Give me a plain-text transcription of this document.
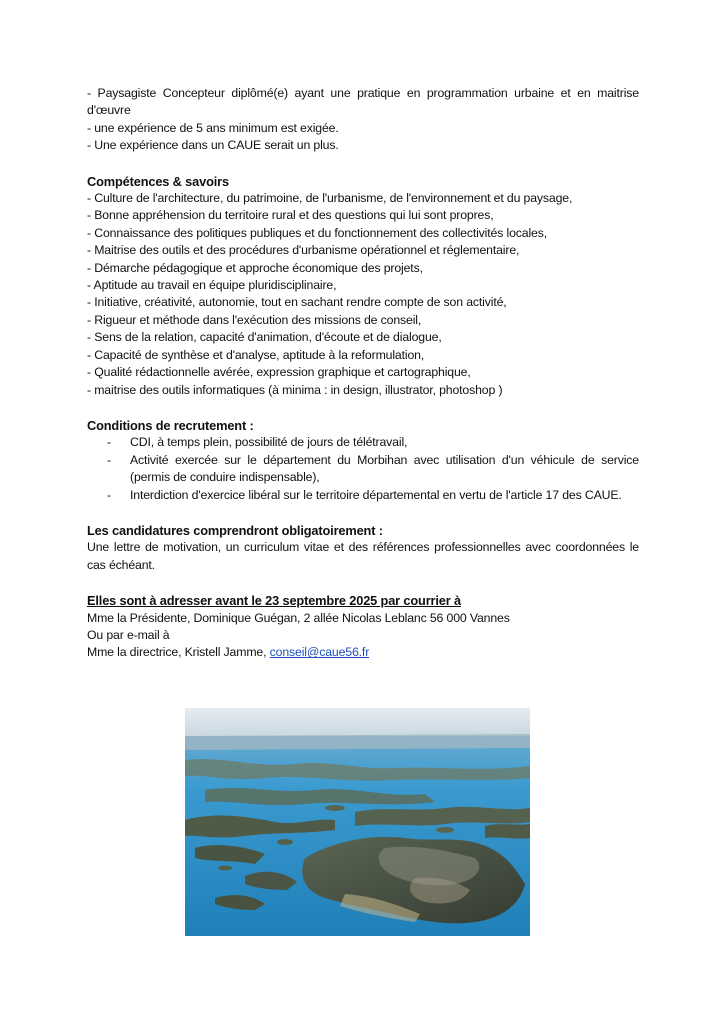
- Paysagiste Concepteur diplômé(e) ayant une pratique en programmation urbaine et en maitrise d'œuvre

- une expérience de 5 ans minimum est exigée.

- Une expérience dans un CAUE serait un plus.

Compétences & savoirs
- Culture de l'architecture, du patrimoine, de l'urbanisme, de l'environnement et du paysage,
- Bonne appréhension du territoire rural et des questions qui lui sont propres,
- Connaissance des politiques publiques et du fonctionnement des collectivités locales,
- Maitrise des outils et des procédures d'urbanisme opérationnel et réglementaire,
- Démarche pédagogique et approche économique des projets,
- Aptitude au travail en équipe pluridisciplinaire,
- Initiative, créativité, autonomie, tout en sachant rendre compte de son activité,
- Rigueur et méthode dans l'exécution des missions de conseil,
- Sens de la relation, capacité d'animation, d'écoute et de dialogue,
- Capacité de synthèse et d'analyse, aptitude à la reformulation,
- Qualité rédactionnelle avérée, expression graphique et cartographique,
- maitrise des outils informatiques (à minima : in design, illustrator, photoshop )
Conditions de recrutement :
- CDI, à temps plein, possibilité de jours de télétravail,
- Activité exercée sur le département du Morbihan avec utilisation d'un véhicule de service (permis de conduire indispensable),
- Interdiction d'exercice libéral sur le territoire départemental en vertu de l'article 17 des CAUE.
Les candidatures comprendront obligatoirement :

Une lettre de motivation, un curriculum vitae et des références professionnelles avec coordonnées le cas échéant.

Elles sont à adresser avant le 23 septembre 2025 par courrier à
Mme la Présidente, Dominique Guégan, 2 allée Nicolas Leblanc 56 000 Vannes
Ou par e-mail à
Mme la directrice, Kristell Jamme, conseil@caue56.fr
